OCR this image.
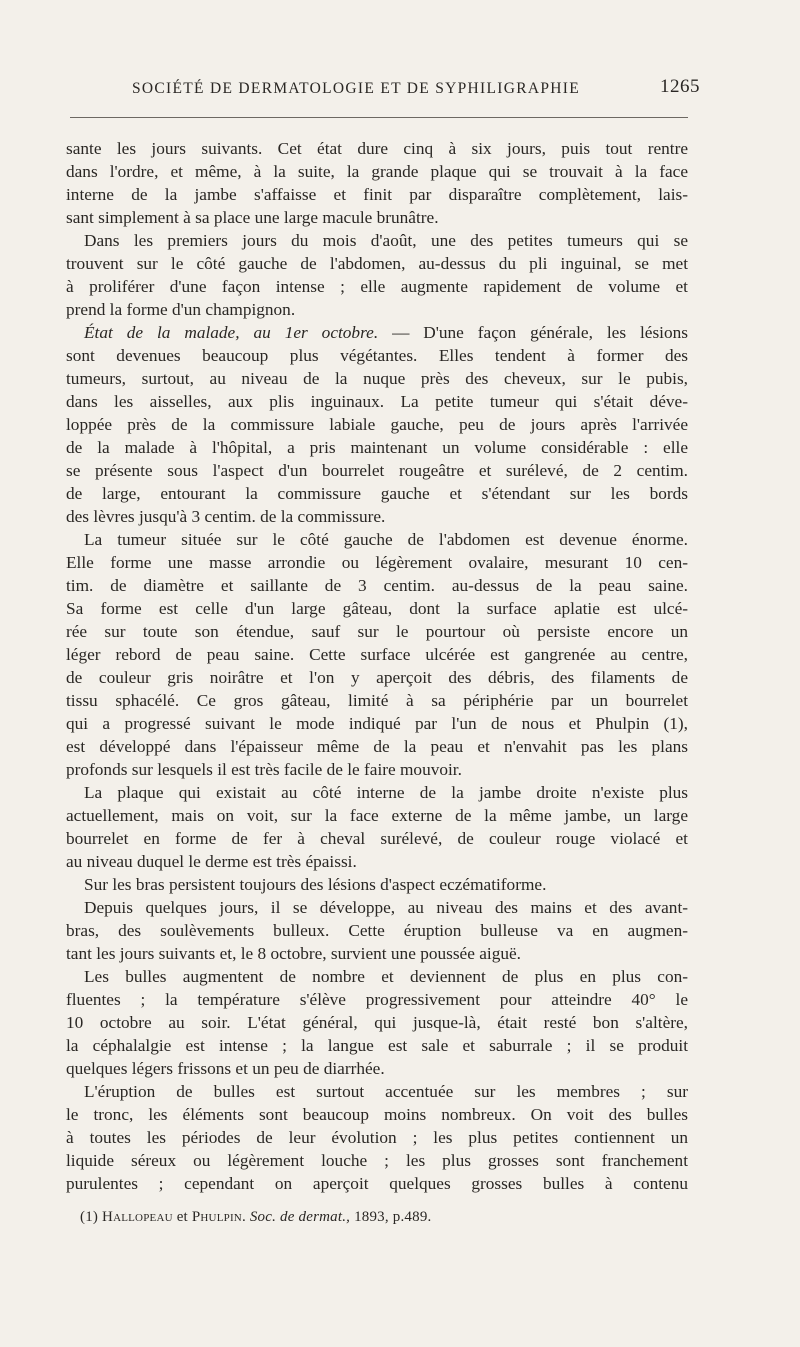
SOCIÉTÉ DE DERMATOLOGIE ET DE SYPHILIGRAPHIE	1265
sante les jours suivants. Cet état dure cinq à six jours, puis tout rentre
dans l'ordre, et même, à la suite, la grande plaque qui se trouvait à la face
interne de la jambe s'affaisse et finit par disparaître complètement, lais-
sant simplement à sa place une large macule brunâtre.
Dans les premiers jours du mois d'août, une des petites tumeurs qui se
trouvent sur le côté gauche de l'abdomen, au-dessus du pli inguinal, se met
à proliférer d'une façon intense ; elle augmente rapidement de volume et
prend la forme d'un champignon.
État de la malade, au 1er octobre. — D'une façon générale, les lésions
sont devenues beaucoup plus végétantes. Elles tendent à former des
tumeurs, surtout, au niveau de la nuque près des cheveux, sur le pubis,
dans les aisselles, aux plis inguinaux. La petite tumeur qui s'était déve-
loppée près de la commissure labiale gauche, peu de jours après l'arrivée
de la malade à l'hôpital, a pris maintenant un volume considérable : elle
se présente sous l'aspect d'un bourrelet rougeâtre et surélevé, de 2 centim.
de large, entourant la commissure gauche et s'étendant sur les bords
des lèvres jusqu'à 3 centim. de la commissure.
La tumeur située sur le côté gauche de l'abdomen est devenue énorme.
Elle forme une masse arrondie ou légèrement ovalaire, mesurant 10 cen-
tim. de diamètre et saillante de 3 centim. au-dessus de la peau saine.
Sa forme est celle d'un large gâteau, dont la surface aplatie est ulcé-
rée sur toute son étendue, sauf sur le pourtour où persiste encore un
léger rebord de peau saine. Cette surface ulcérée est gangrenée au centre,
de couleur gris noirâtre et l'on y aperçoit des débris, des filaments de
tissu sphacélé. Ce gros gâteau, limité à sa périphérie par un bourrelet
qui a progressé suivant le mode indiqué par l'un de nous et Phulpin (1),
est développé dans l'épaisseur même de la peau et n'envahit pas les plans
profonds sur lesquels il est très facile de le faire mouvoir.
La plaque qui existait au côté interne de la jambe droite n'existe plus
actuellement, mais on voit, sur la face externe de la même jambe, un large
bourrelet en forme de fer à cheval surélevé, de couleur rouge violacé et
au niveau duquel le derme est très épaissi.
Sur les bras persistent toujours des lésions d'aspect eczématiforme.
Depuis quelques jours, il se développe, au niveau des mains et des avant-
bras, des soulèvements bulleux. Cette éruption bulleuse va en augmen-
tant les jours suivants et, le 8 octobre, survient une poussée aiguë.
Les bulles augmentent de nombre et deviennent de plus en plus con-
fluentes ; la température s'élève progressivement pour atteindre 40° le
10 octobre au soir. L'état général, qui jusque-là, était resté bon s'altère,
la céphalalgie est intense ; la langue est sale et saburrale ; il se produit
quelques légers frissons et un peu de diarrhée.
L'éruption de bulles est surtout accentuée sur les membres ; sur
le tronc, les éléments sont beaucoup moins nombreux. On voit des bulles
à toutes les périodes de leur évolution ; les plus petites contiennent un
liquide séreux ou légèrement louche ; les plus grosses sont franchement
purulentes ; cependant on aperçoit quelques grosses bulles à contenu
(1) Hallopeau et Phulpin. Soc. de dermat., 1893, p.489.
